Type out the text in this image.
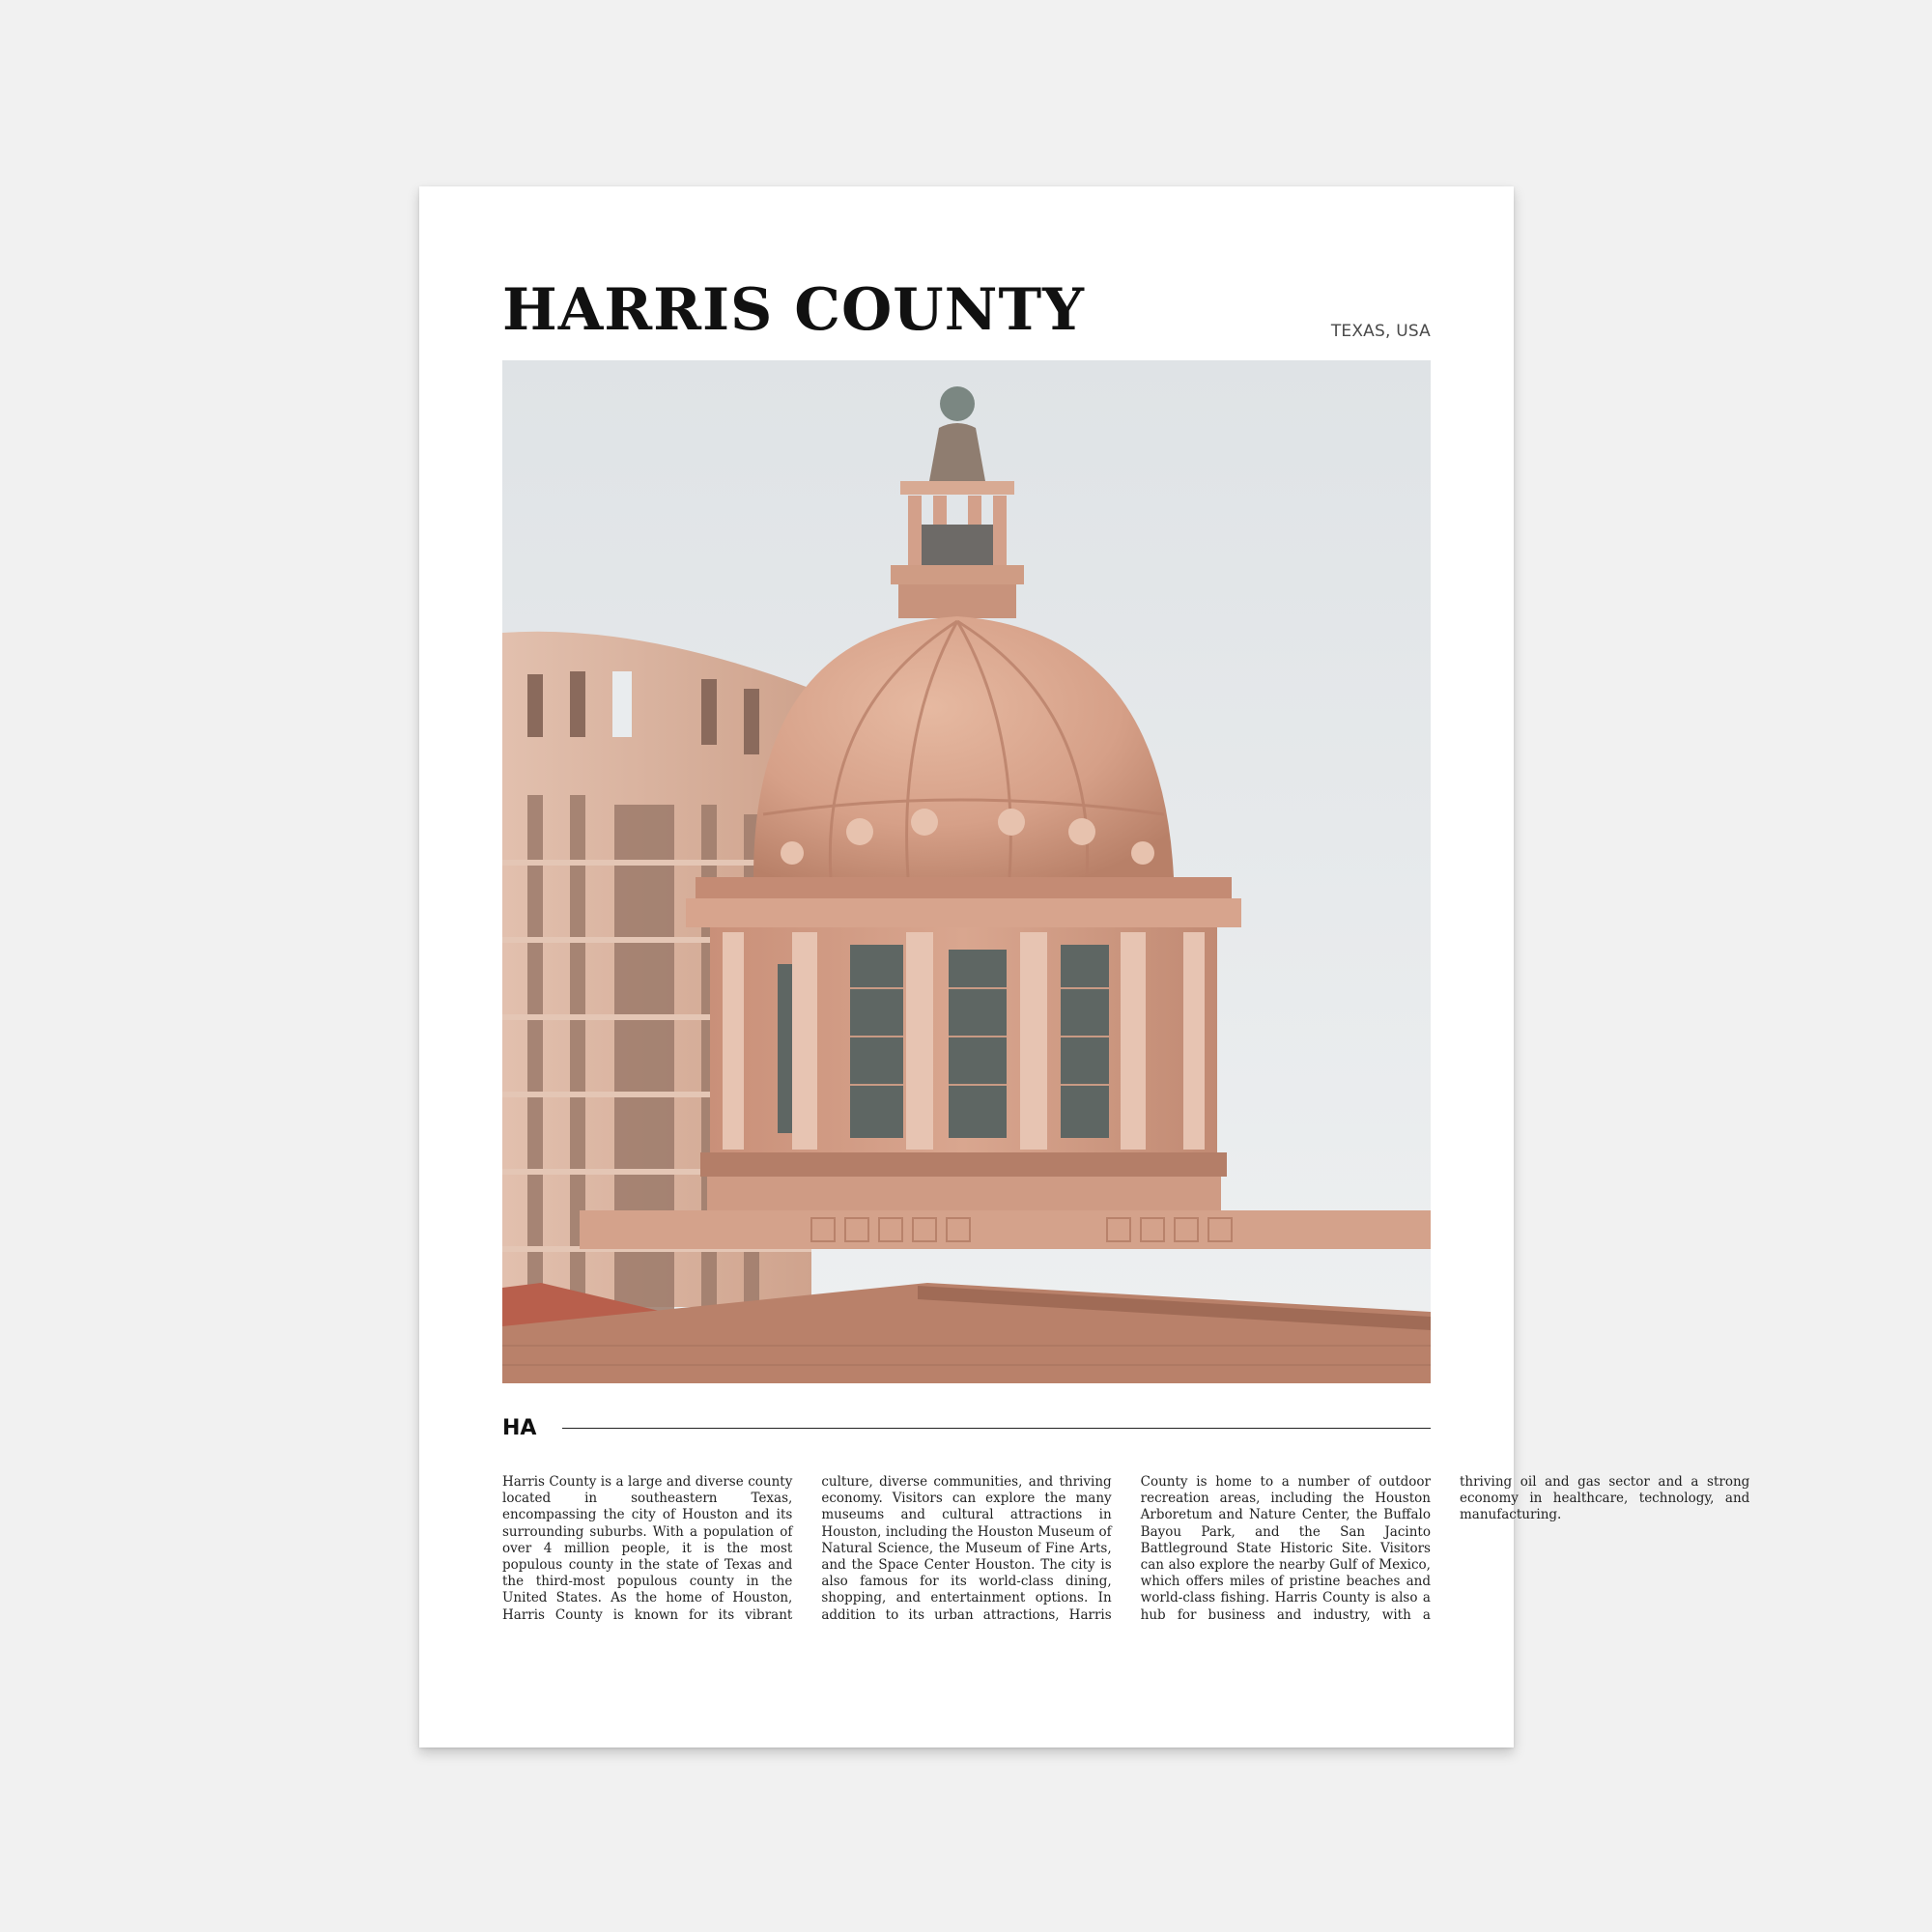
HARRIS COUNTY	TEXAS, USA
HA
Harris County is a large and diverse county located in southeastern Texas, encompassing the city of Houston and its surrounding suburbs. With a population of over 4 million people, it is the most populous county in the state of Texas and the third-most populous county in the United States. As the home of Houston, Harris County is known for its vibrant culture, diverse communities, and thriving economy. Visitors can explore the many museums and cultural attractions in Houston, including the Houston Museum of Natural Science, the Museum of Fine Arts, and the Space Center Houston. The city is also famous for its world-class dining, shopping, and entertainment options. In addition to its urban attractions, Harris County is home to a number of outdoor recreation areas, including the Houston Arboretum and Nature Center, the Buffalo Bayou Park, and the San Jacinto Battleground State Historic Site. Visitors can also explore the nearby Gulf of Mexico, which offers miles of pristine beaches and world-class fishing. Harris County is also a hub for business and industry, with a thriving oil and gas sector and a strong economy in healthcare, technology, and manufacturing.
